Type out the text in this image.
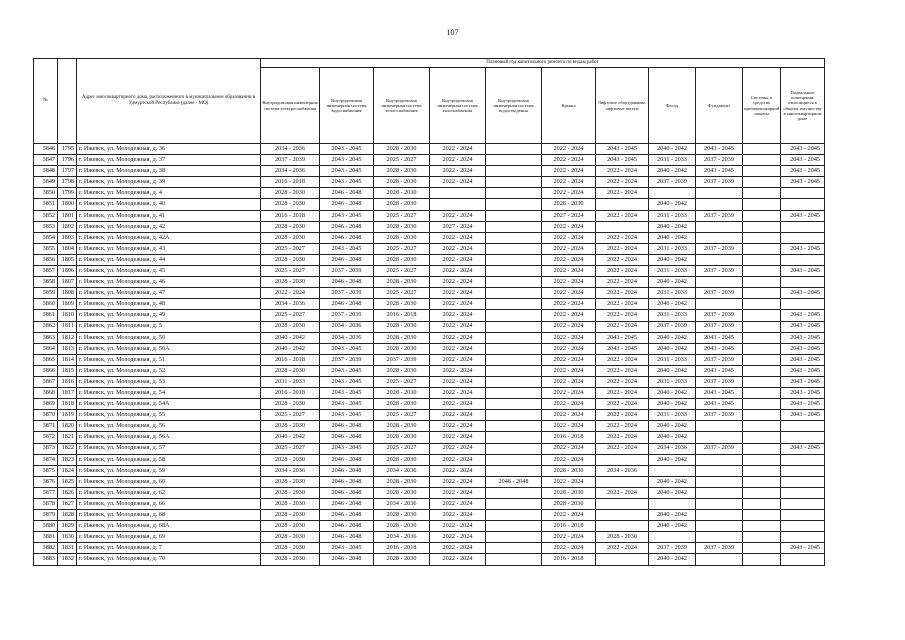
107
№		Адрес многоквартирного дома, расположенного в муниципальном образовании в Удмуртской Республике (далее - МО)	Плановый год капитального ремонта по видам работ										
			Внутридомовая инженерная система электроснабжения	Внутридомовая инженерная система водоснабжения	Внутридомовая инженерная система теплоснабжения	Внутридомовая инженерная система газоснабжения	Внутридомовая инженерная система водоотведения	Крыша	Лифтовое оборудование, лифтовые шахты	Фасад	Фундамент	Системы и средства противопожарной защиты	Подвальные помещения, относящиеся к общему имуществу в многоквартирном доме
3846	1795	г. Ижевск, ул. Молодежная, д. 36	2034 - 2036	2043 - 2045	2028 - 2030	2022 - 2024		2022 - 2024	2043 - 2045	2040 - 2042	2043 - 2045		2043 - 2045
3847	1796	г. Ижевск, ул. Молодежная, д. 37	2037 - 2039	2043 - 2045	2025 - 2027	2022 - 2024		2022 - 2024	2043 - 2045	2031 - 2033	2037 - 2039		2043 - 2045
3848	1797	г. Ижевск, ул. Молодежная, д. 38	2034 - 2036	2043 - 2045	2028 - 2030	2022 - 2024		2022 - 2024	2022 - 2024	2040 - 2042	2043 - 2045		2043 - 2045
3849	1798	г. Ижевск, ул. Молодежная, д. 39	2016 - 2018	2043 - 2045	2028 - 2030	2022 - 2024		2022 - 2024	2022 - 2024	2037 - 2039	2037 - 2039		2043 - 2045
3850	1799	г. Ижевск, ул. Молодежная, д. 4	2028 - 2030	2046 - 2048	2028 - 2030			2022 - 2024	2022 - 2024				
3851	1800	г. Ижевск, ул. Молодежная, д. 40	2028 - 2030	2046 - 2048	2028 - 2030			2028 - 2030		2040 - 2042			
3852	1801	г. Ижевск, ул. Молодежная, д. 41	2016 - 2018	2043 - 2045	2025 - 2027	2022 - 2024		2027 - 2024	2022 - 2024	2031 - 2033	2037 - 2039		2043 - 2045
3853	1802	г. Ижевск, ул. Молодежная, д. 42	2028 - 2030	2046 - 2048	2028 - 2030	2027 - 2024		2022 - 2024		2040 - 2042			
3854	1803	г. Ижевск, ул. Молодежная, д. 42А	2028 - 2030	2046 - 2048	2028 - 2030	2022 - 2024		2022 - 2024	2022 - 2024	2040 - 2042			
3855	1804	г. Ижевск, ул. Молодежная, д. 43	2025 - 2027	2043 - 2045	2025 - 2027	2022 - 2024		2022 - 2024	2022 - 2024	2031 - 2033	2037 - 2039		2043 - 2045
3856	1805	г. Ижевск, ул. Молодежная, д. 44	2028 - 2030	2046 - 2048	2028 - 2030	2022 - 2024		2022 - 2024	2022 - 2024	2040 - 2042			
3857	1806	г. Ижевск, ул. Молодежная, д. 45	2025 - 2027	2037 - 2039	2025 - 2027	2022 - 2024		2022 - 2024	2022 - 2024	2031 - 2033	2037 - 2039		2043 - 2045
3858	1807	г. Ижевск, ул. Молодежная, д. 46	2028 - 2030	2046 - 2048	2028 - 2030	2022 - 2024		2022 - 2024	2022 - 2024	2040 - 2042			
3859	1808	г. Ижевск, ул. Молодежная, д. 47	2022 - 2024	2037 - 2039	2025 - 2027	2022 - 2024		2022 - 2024	2022 - 2024	2031 - 2033	2037 - 2039		2043 - 2045
3860	1809	г. Ижевск, ул. Молодежная, д. 48	2034 - 2036	2046 - 2048	2028 - 2030	2022 - 2024		2022 - 2024	2022 - 2024	2040 - 2042			
3861	1810	г. Ижевск, ул. Молодежная, д. 49	2025 - 2027	2037 - 2039	2016 - 2018	2022 - 2024		2022 - 2024	2022 - 2024	2031 - 2033	2037 - 2039		2043 - 2045
3862	1811	г. Ижевск, ул. Молодежная, д. 5	2028 - 2030	2034 - 2036	2028 - 2030	2022 - 2024		2022 - 2024	2022 - 2024	2037 - 2039	2037 - 2039		2043 - 2045
3863	1812	г. Ижевск, ул. Молодежная, д. 50	2040 - 2042	2034 - 2036	2028 - 2030	2022 - 2024		2022 - 2024	2043 - 2045	2040 - 2042	2043 - 2045		2043 - 2045
3864	1813	г. Ижевск, ул. Молодежная, д. 50А	2040 - 2042	2043 - 2045	2028 - 2030	2022 - 2024		2022 - 2024	2043 - 2045	2040 - 2042	2043 - 2045		2043 - 2045
3865	1814	г. Ижевск, ул. Молодежная, д. 51	2016 - 2018	2037 - 2039	2037 - 2039	2022 - 2024		2022 - 2024	2022 - 2024	2031 - 2033	2037 - 2039		2043 - 2045
3866	1815	г. Ижевск, ул. Молодежная, д. 52	2028 - 2030	2043 - 2045	2028 - 2030	2022 - 2024		2022 - 2024	2022 - 2024	2040 - 2042	2043 - 2045		2043 - 2045
3867	1816	г. Ижевск, ул. Молодежная, д. 53	2031 - 2033	2043 - 2045	2025 - 2027	2022 - 2024		2022 - 2024	2022 - 2024	2031 - 2033	2037 - 2039		2043 - 2045
3868	1817	г. Ижевск, ул. Молодежная, д. 54	2016 - 2018	2043 - 2045	2028 - 2030	2022 - 2024		2022 - 2024	2022 - 2024	2040 - 2042	2043 - 2045		2043 - 2045
3869	1818	г. Ижевск, ул. Молодежная, д. 54А	2028 - 2030	2043 - 2045	2028 - 2030	2022 - 2024		2022 - 2024	2022 - 2024	2040 - 2042	2043 - 2045		2043 - 2045
3870	1819	г. Ижевск, ул. Молодежная, д. 55	2025 - 2027	2043 - 2045	2025 - 2027	2022 - 2024		2022 - 2024	2022 - 2024	2031 - 2033	2037 - 2039		2043 - 2045
3871	1820	г. Ижевск, ул. Молодежная, д. 56	2028 - 2030	2046 - 2048	2028 - 2030	2022 - 2024		2022 - 2024	2022 - 2024	2040 - 2042			
3872	1821	г. Ижевск, ул. Молодежная, д. 56А	2040 - 2042	2046 - 2048	2028 - 2030	2022 - 2024		2016 - 2018	2022 - 2024	2040 - 2042			
3873	1822	г. Ижевск, ул. Молодежная, д. 57	2025 - 2027	2043 - 2045	2025 - 2027	2022 - 2024		2022 - 2024	2022 - 2024	2034 - 2036	2037 - 2039		2043 - 2045
3874	1823	г. Ижевск, ул. Молодежная, д. 58	2028 - 2030	2046 - 2048	2028 - 2030	2022 - 2024		2022 - 2024		2040 - 2042			
3875	1824	г. Ижевск, ул. Молодежная, д. 59	2034 - 2036	2046 - 2048	2034 - 2036	2022 - 2024		2028 - 2030	2034 - 2036				
3876	1825	г. Ижевск, ул. Молодежная, д. 60	2028 - 2030	2046 - 2048	2028 - 2030	2022 - 2024	2046 - 2048	2022 - 2024		2040 - 2042			
3877	1826	г. Ижевск, ул. Молодежная, д. 62	2028 - 2030	2046 - 2048	2028 - 2030	2022 - 2024		2028 - 2030	2022 - 2024	2040 - 2042			
3878	1827	г. Ижевск, ул. Молодежная, д. 66	2028 - 2030	2046 - 2048	2034 - 2036	2022 - 2024		2028 - 2030					
3879	1828	г. Ижевск, ул. Молодежная, д. 68	2028 - 2030	2046 - 2048	2028 - 2030	2022 - 2024		2022 - 2024		2040 - 2042			
3880	1829	г. Ижевск, ул. Молодежная, д. 68А	2028 - 2030	2046 - 2048	2028 - 2030	2022 - 2024		2016 - 2018		2040 - 2042			
3881	1830	г. Ижевск, ул. Молодежная, д. 69	2028 - 2030	2046 - 2048	2034 - 2036	2022 - 2024		2022 - 2024	2028 - 2030				
3882	1831	г. Ижевск, ул. Молодежная, д. 7	2028 - 2030	2043 - 2045	2016 - 2018	2022 - 2024		2022 - 2024	2022 - 2024	2037 - 2039	2037 - 2039		2043 - 2045
3883	1832	г. Ижевск, ул. Молодежная, д. 70	2028 - 2030	2046 - 2048	2028 - 2030	2022 - 2024		2016 - 2018		2040 - 2042			
